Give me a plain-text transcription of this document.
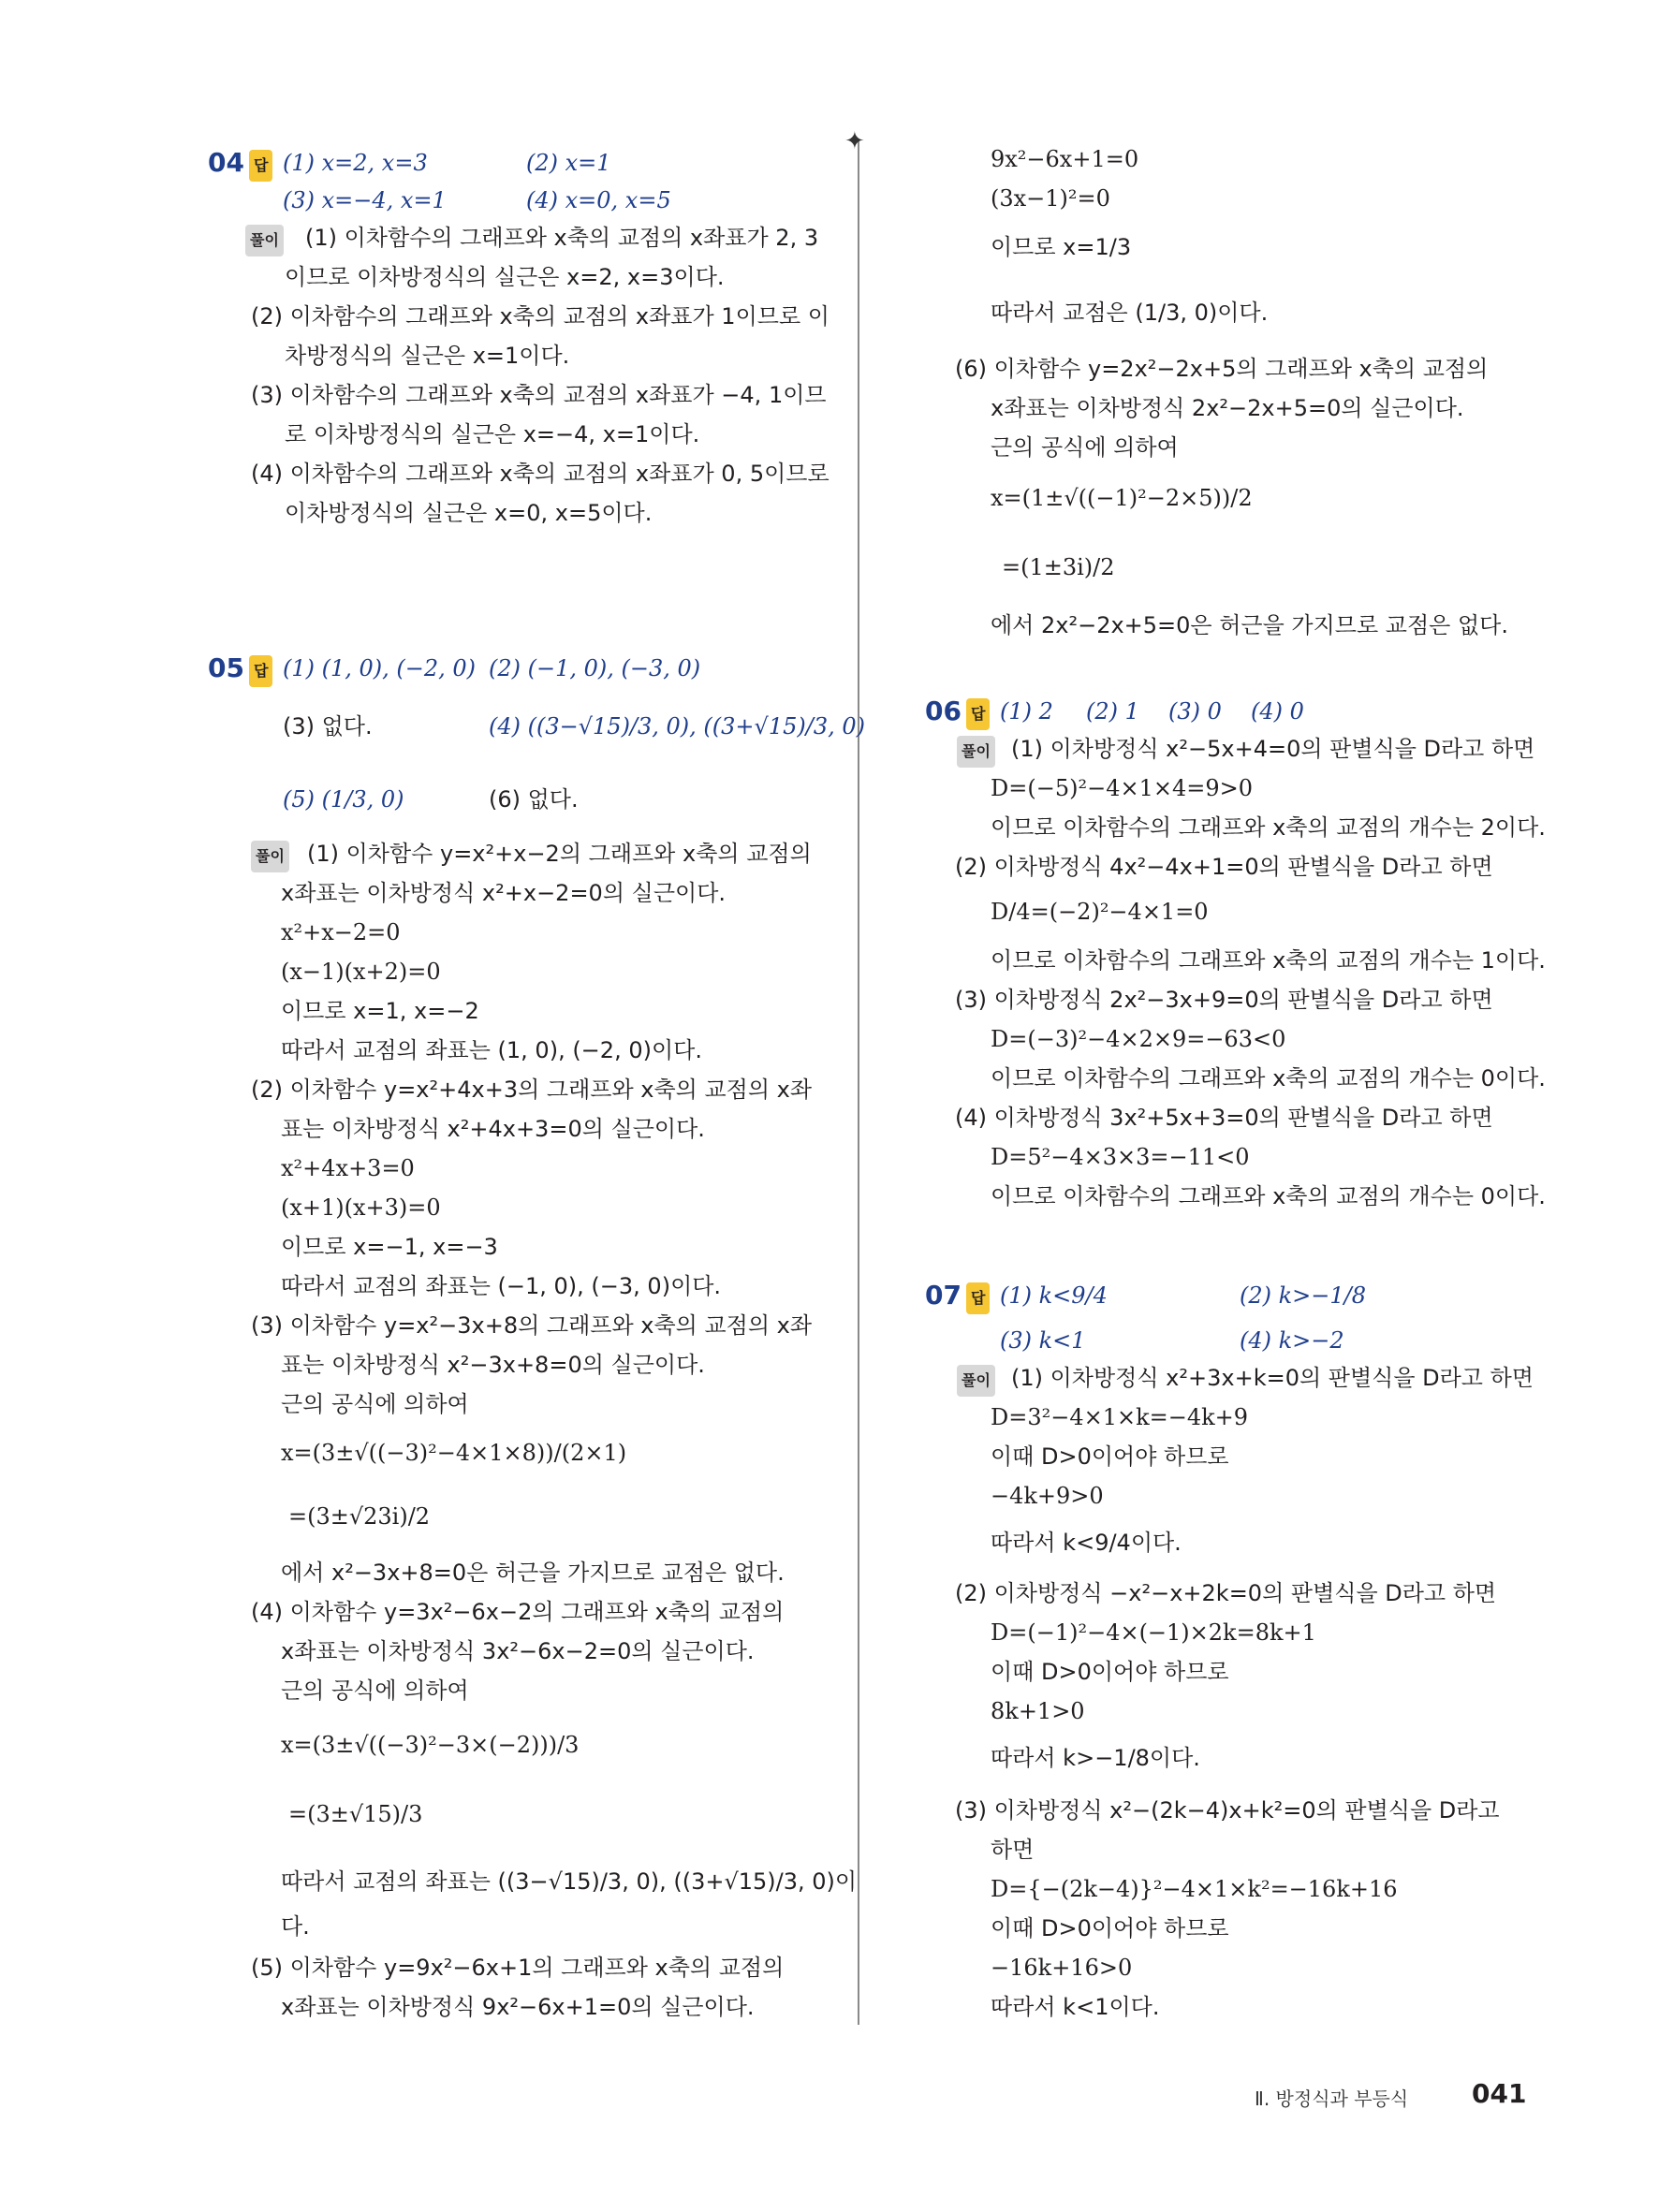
✦
04 답 (1) x=2, x=3	(2) x=1
(3) x=−4, x=1	(4) x=0, x=5
풀이 (1) 이차함수의 그래프와 x축의 교점의 x좌표가 2, 3
이므로 이차방정식의 실근은 x=2, x=3이다.
(2) 이차함수의 그래프와 x축의 교점의 x좌표가 1이므로 이
차방정식의 실근은 x=1이다.
(3) 이차함수의 그래프와 x축의 교점의 x좌표가 −4, 1이므
로 이차방정식의 실근은 x=−4, x=1이다.
(4) 이차함수의 그래프와 x축의 교점의 x좌표가 0, 5이므로
이차방정식의 실근은 x=0, x=5이다.
05 답 (1) (1, 0), (−2, 0) (2) (−1, 0), (−3, 0)
(3) 없다.	(4) ((3−√15)/3, 0), ((3+√15)/3, 0)
(5) (1/3, 0)	(6) 없다.
풀이 (1) 이차함수 y=x²+x−2의 그래프와 x축의 교점의
x좌표는 이차방정식 x²+x−2=0의 실근이다.
x²+x−2=0
(x−1)(x+2)=0
이므로 x=1, x=−2
따라서 교점의 좌표는 (1, 0), (−2, 0)이다.
(2) 이차함수 y=x²+4x+3의 그래프와 x축의 교점의 x좌
표는 이차방정식 x²+4x+3=0의 실근이다.
x²+4x+3=0
(x+1)(x+3)=0
이므로 x=−1, x=−3
따라서 교점의 좌표는 (−1, 0), (−3, 0)이다.
(3) 이차함수 y=x²−3x+8의 그래프와 x축의 교점의 x좌
표는 이차방정식 x²−3x+8=0의 실근이다.
근의 공식에 의하여
x=(3±√((−3)²−4×1×8))/(2×1)
=(3±√23i)/2
에서 x²−3x+8=0은 허근을 가지므로 교점은 없다.
(4) 이차함수 y=3x²−6x−2의 그래프와 x축의 교점의
x좌표는 이차방정식 3x²−6x−2=0의 실근이다.
근의 공식에 의하여
x=(3±√((−3)²−3×(−2)))/3
=(3±√15)/3
따라서 교점의 좌표는 ((3−√15)/3, 0), ((3+√15)/3, 0)이
다.
(5) 이차함수 y=9x²−6x+1의 그래프와 x축의 교점의
x좌표는 이차방정식 9x²−6x+1=0의 실근이다.
9x²−6x+1=0
(3x−1)²=0
이므로 x=1/3
따라서 교점은 (1/3, 0)이다.
(6) 이차함수 y=2x²−2x+5의 그래프와 x축의 교점의
x좌표는 이차방정식 2x²−2x+5=0의 실근이다.
근의 공식에 의하여
x=(1±√((−1)²−2×5))/2
=(1±3i)/2
에서 2x²−2x+5=0은 허근을 가지므로 교점은 없다.
06 답 (1) 2 (2) 1 (3) 0 (4) 0
풀이 (1) 이차방정식 x²−5x+4=0의 판별식을 D라고 하면
D=(−5)²−4×1×4=9>0
이므로 이차함수의 그래프와 x축의 교점의 개수는 2이다.
(2) 이차방정식 4x²−4x+1=0의 판별식을 D라고 하면
D/4=(−2)²−4×1=0
이므로 이차함수의 그래프와 x축의 교점의 개수는 1이다.
(3) 이차방정식 2x²−3x+9=0의 판별식을 D라고 하면
D=(−3)²−4×2×9=−63<0
이므로 이차함수의 그래프와 x축의 교점의 개수는 0이다.
(4) 이차방정식 3x²+5x+3=0의 판별식을 D라고 하면
D=5²−4×3×3=−11<0
이므로 이차함수의 그래프와 x축의 교점의 개수는 0이다.
07 답 (1) k<9/4	(2) k>−1/8
(3) k<1	(4) k>−2
풀이 (1) 이차방정식 x²+3x+k=0의 판별식을 D라고 하면
D=3²−4×1×k=−4k+9
이때 D>0이어야 하므로
−4k+9>0
따라서 k<9/4이다.
(2) 이차방정식 −x²−x+2k=0의 판별식을 D라고 하면
D=(−1)²−4×(−1)×2k=8k+1
이때 D>0이어야 하므로
8k+1>0
따라서 k>−1/8이다.
(3) 이차방정식 x²−(2k−4)x+k²=0의 판별식을 D라고
하면
D={−(2k−4)}²−4×1×k²=−16k+16
이때 D>0이어야 하므로
−16k+16>0
따라서 k<1이다.
Ⅱ. 방정식과 부등식 041
